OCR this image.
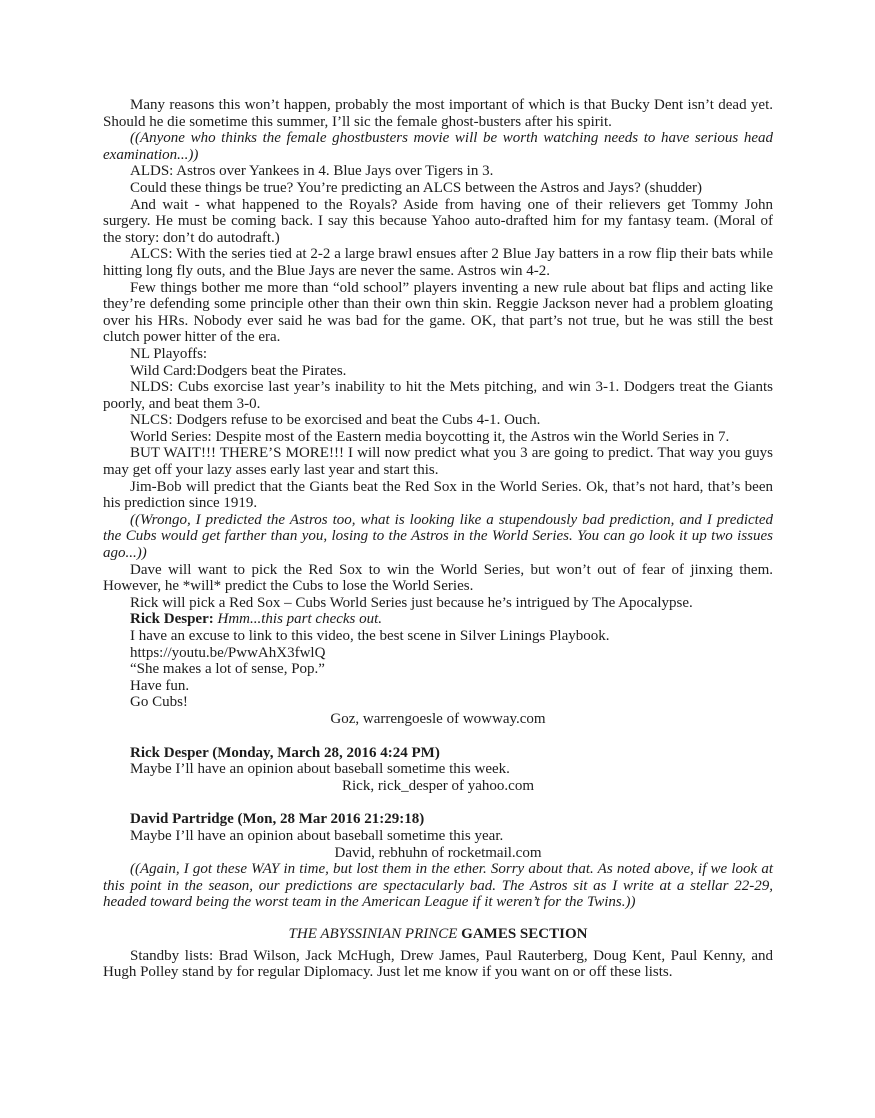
Many reasons this won’t happen, probably the most important of which is that Bucky Dent isn’t dead yet. Should he die sometime this summer, I’ll sic the female ghost-busters after his spirit.

((Anyone who thinks the female ghostbusters movie will be worth watching needs to have serious head examination...))

ALDS: Astros over Yankees in 4. Blue Jays over Tigers in 3.

Could these things be true? You’re predicting an ALCS between the Astros and Jays? (shudder)

And wait - what happened to the Royals? Aside from having one of their relievers get Tommy John surgery. He must be coming back. I say this because Yahoo auto-drafted him for my fantasy team. (Moral of the story: don’t do autodraft.)

ALCS: With the series tied at 2-2 a large brawl ensues after 2 Blue Jay batters in a row flip their bats while hitting long fly outs, and the Blue Jays are never the same. Astros win 4-2.

Few things bother me more than “old school” players inventing a new rule about bat flips and acting like they’re defending some principle other than their own thin skin. Reggie Jackson never had a problem gloating over his HRs. Nobody ever said he was bad for the game. OK, that part’s not true, but he was still the best clutch power hitter of the era.

NL Playoffs:

Wild Card:Dodgers beat the Pirates.

NLDS: Cubs exorcise last year’s inability to hit the Mets pitching, and win 3-1. Dodgers treat the Giants poorly, and beat them 3-0.

NLCS: Dodgers refuse to be exorcised and beat the Cubs 4-1. Ouch.

World Series: Despite most of the Eastern media boycotting it, the Astros win the World Series in 7.

BUT WAIT!!! THERE’S MORE!!! I will now predict what you 3 are going to predict. That way you guys may get off your lazy asses early last year and start this.

Jim-Bob will predict that the Giants beat the Red Sox in the World Series. Ok, that’s not hard, that’s been his prediction since 1919.

((Wrongo, I predicted the Astros too, what is looking like a stupendously bad prediction, and I predicted the Cubs would get farther than you, losing to the Astros in the World Series. You can go look it up two issues ago...))

Dave will want to pick the Red Sox to win the World Series, but won’t out of fear of jinxing them. However, he *will* predict the Cubs to lose the World Series.

Rick will pick a Red Sox – Cubs World Series just because he’s intrigued by The Apocalypse.

Rick Desper: Hmm...this part checks out.

I have an excuse to link to this video, the best scene in Silver Linings Playbook.

https://youtu.be/PwwAhX3fwlQ

“She makes a lot of sense, Pop.”

Have fun.

Go Cubs!

Goz, warrengoesle of wowway.com

Rick Desper (Monday, March 28, 2016 4:24 PM)

Maybe I’ll have an opinion about baseball sometime this week.

Rick, rick_desper of yahoo.com

David Partridge (Mon, 28 Mar 2016 21:29:18)

Maybe I’ll have an opinion about baseball sometime this year.

David, rebhuhn of rocketmail.com

((Again, I got these WAY in time, but lost them in the ether. Sorry about that. As noted above, if we look at this point in the season, our predictions are spectacularly bad. The Astros sit as I write at a stellar 22-29, headed toward being the worst team in the American League if it weren’t for the Twins.))

THE ABYSSINIAN PRINCE GAMES SECTION

Standby lists: Brad Wilson, Jack McHugh, Drew James, Paul Rauterberg, Doug Kent, Paul Kenny, and Hugh Polley stand by for regular Diplomacy. Just let me know if you want on or off these lists.
